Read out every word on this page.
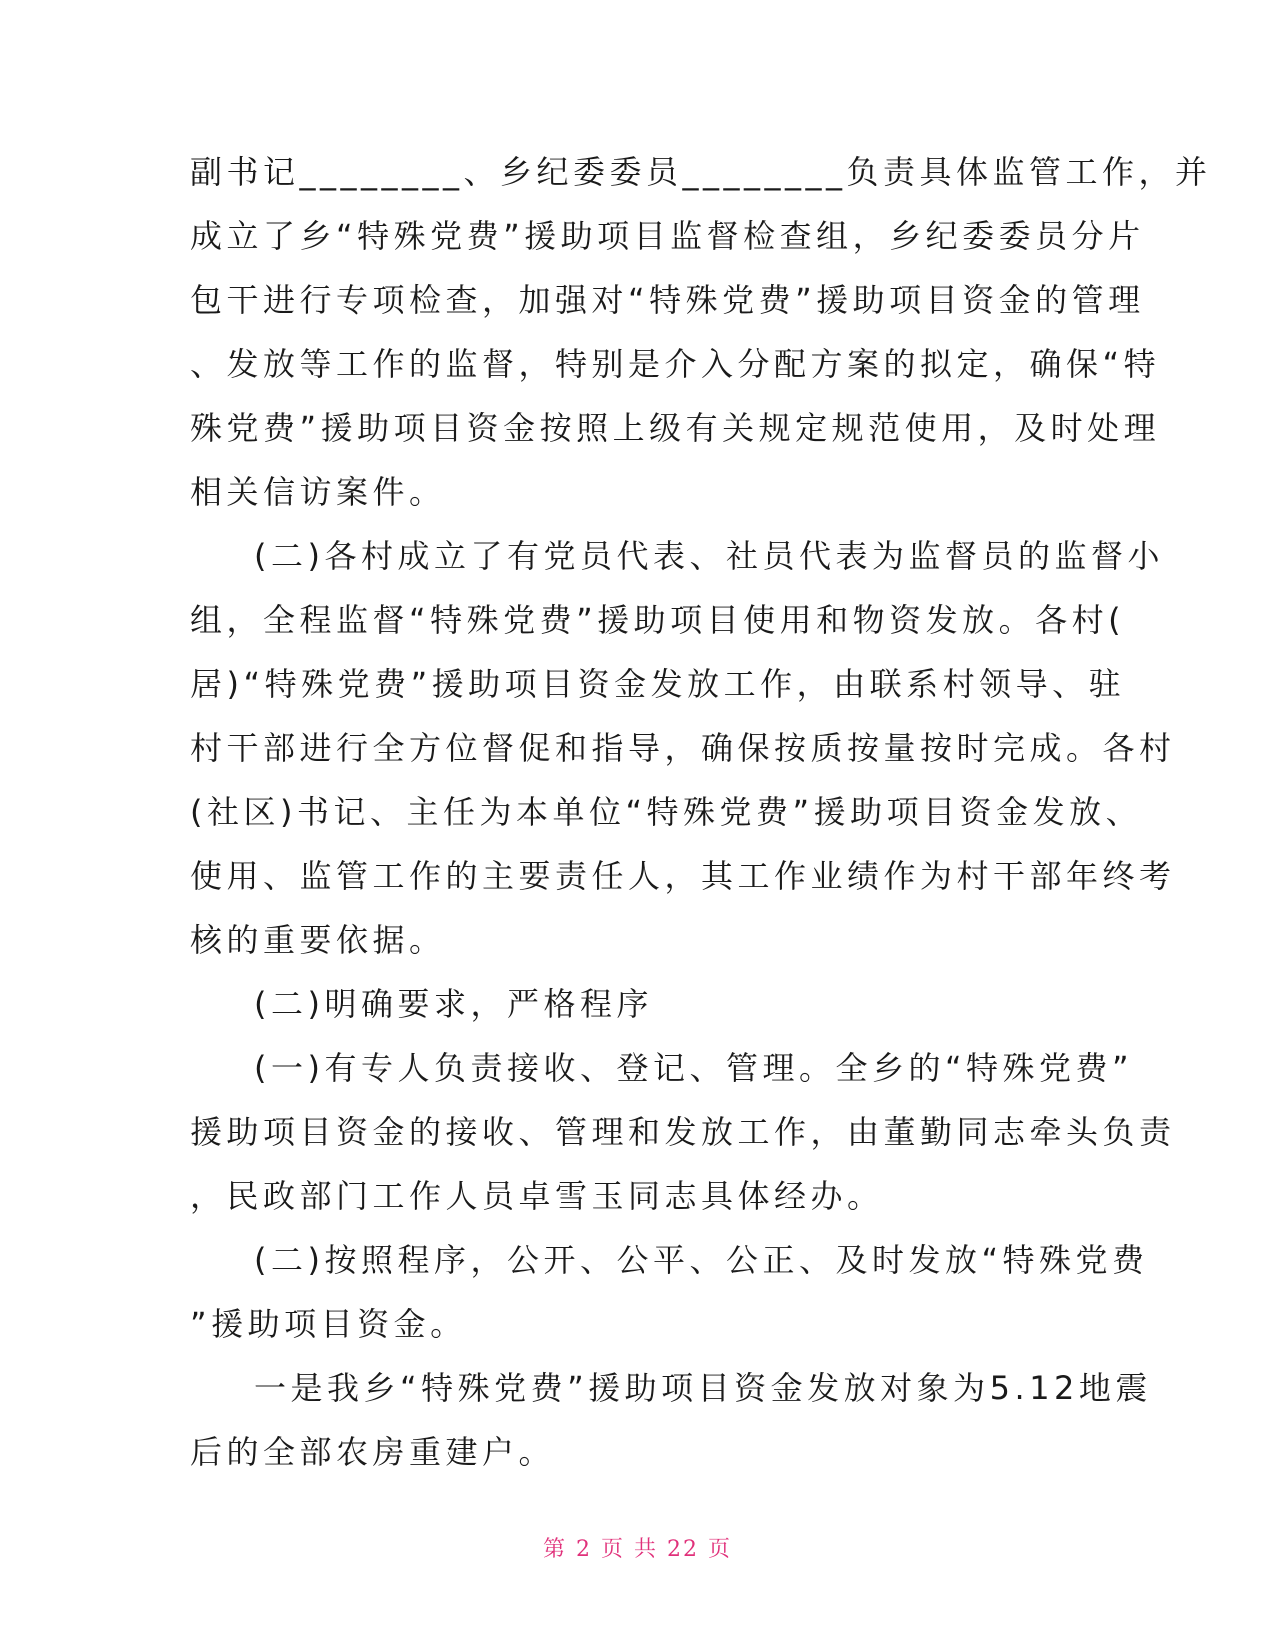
副书记________、乡纪委委员________负责具体监管工作，并
成立了乡“特殊党费”援助项目监督检查组，乡纪委委员分片
包干进行专项检查，加强对“特殊党费”援助项目资金的管理
、发放等工作的监督，特别是介入分配方案的拟定，确保“特
殊党费”援助项目资金按照上级有关规定规范使用，及时处理
相关信访案件。
(二)各村成立了有党员代表、社员代表为监督员的监督小
组，全程监督“特殊党费”援助项目使用和物资发放。各村(
居)“特殊党费”援助项目资金发放工作，由联系村领导、驻
村干部进行全方位督促和指导，确保按质按量按时完成。各村
(社区)书记、主任为本单位“特殊党费”援助项目资金发放、
使用、监管工作的主要责任人，其工作业绩作为村干部年终考
核的重要依据。
(二)明确要求，严格程序
(一)有专人负责接收、登记、管理。全乡的“特殊党费”
援助项目资金的接收、管理和发放工作，由董勤同志牵头负责
，民政部门工作人员卓雪玉同志具体经办。
(二)按照程序，公开、公平、公正、及时发放“特殊党费
”援助项目资金。
一是我乡“特殊党费”援助项目资金发放对象为5.12地震
后的全部农房重建户。
第 2 页 共 22 页
